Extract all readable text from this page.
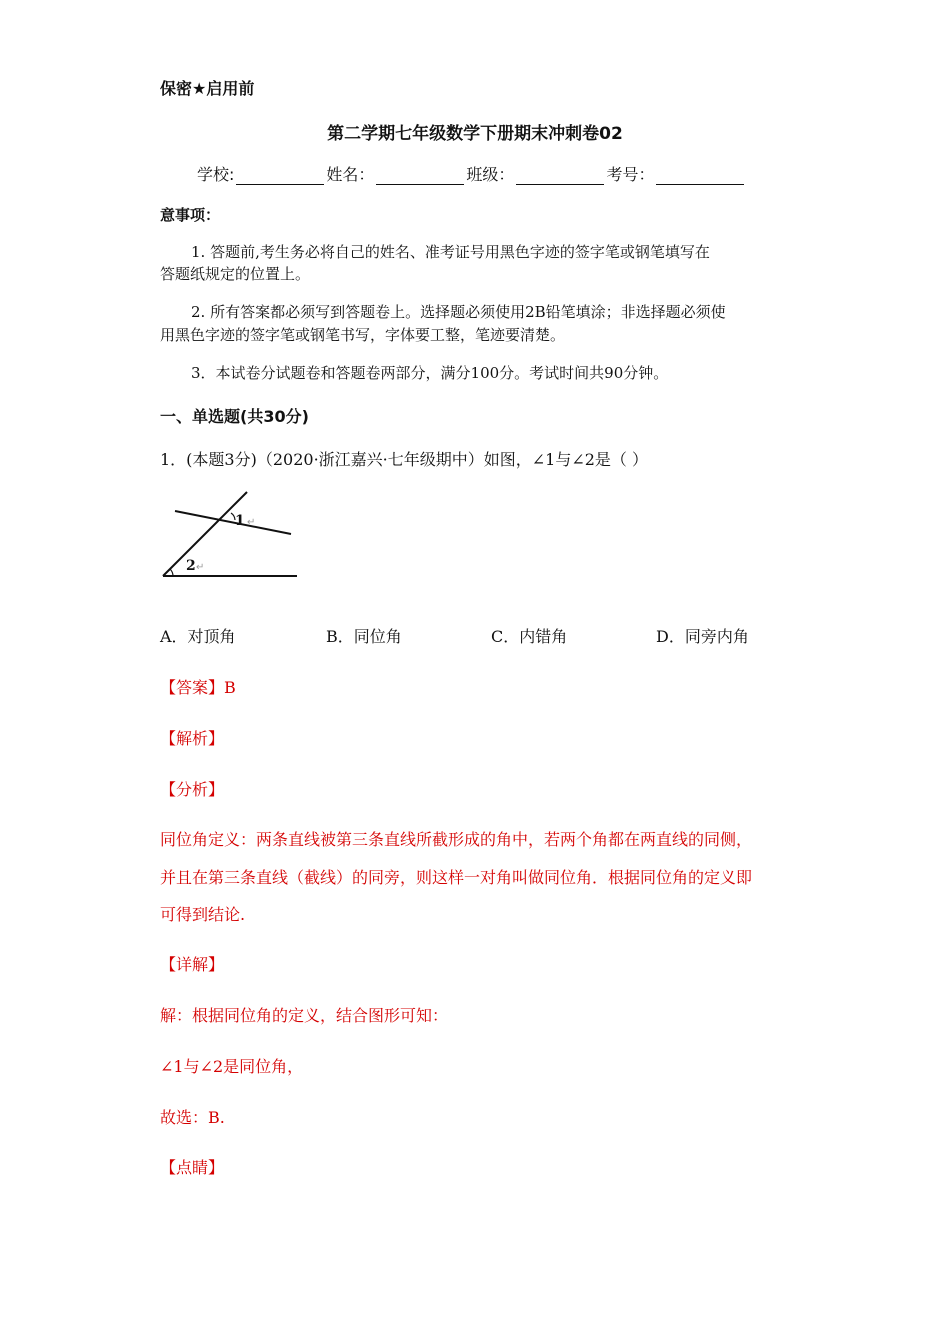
保密★启用前
第二学期七年级数学下册期末冲刺卷02
学校:	姓名：	班级：	考号：
意事项：
1. 答题前,考生务必将自己的姓名、准考证号用黑色字迹的签字笔或钢笔填写在
答题纸规定的位置上。
2. 所有答案都必须写到答题卷上。选择题必须使用2B铅笔填涂；非选择题必须使
用黑色字迹的签字笔或钢笔书写，字体要工整，笔迹要清楚。
3．本试卷分试题卷和答题卷两部分，满分100分。考试时间共90分钟。
一、单选题(共30分)
1．(本题3分)（2020·浙江嘉兴·七年级期中）如图，∠1与∠2是（ ）
1
2
↵
↵
A．对顶角	B．同位角	C．内错角	D．同旁内角
【答案】B
【解析】
【分析】
同位角定义：两条直线被第三条直线所截形成的角中，若两个角都在两直线的同侧，
并且在第三条直线（截线）的同旁，则这样一对角叫做同位角．根据同位角的定义即
可得到结论.
【详解】
解：根据同位角的定义，结合图形可知：
∠1与∠2是同位角，
故选：B.
【点睛】
